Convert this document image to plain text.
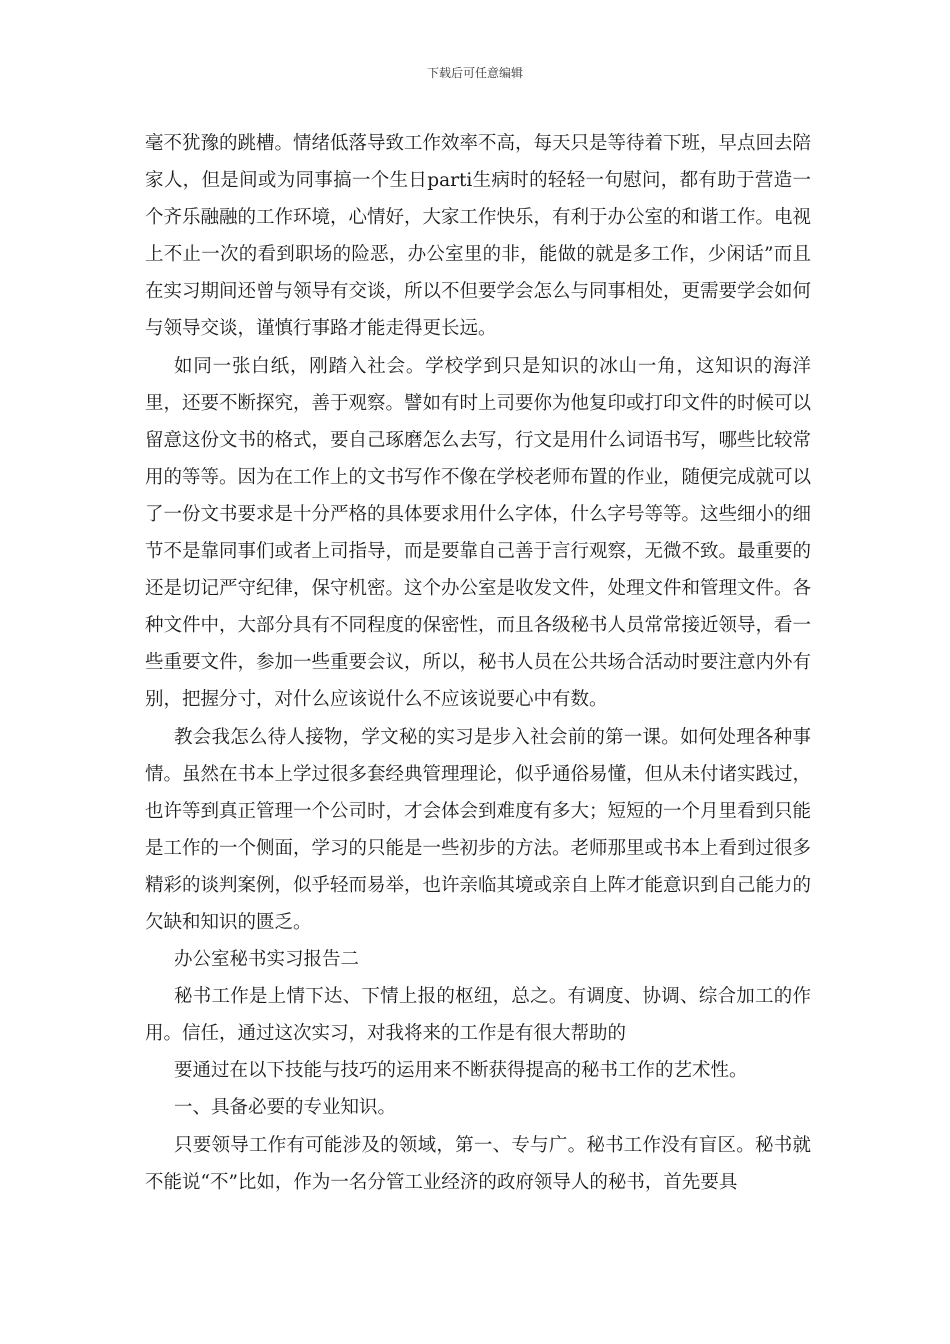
下载后可任意编辑

毫不犹豫的跳槽。情绪低落导致工作效率不高，每天只是等待着下班，早点回去陪家人，但是间或为同事搞一个生日parti生病时的轻轻一句慰问，都有助于营造一个齐乐融融的工作环境，心情好，大家工作快乐，有利于办公室的和谐工作。电视上不止一次的看到职场的险恶，办公室里的非，能做的就是多工作，少闲话”而且在实习期间还曾与领导有交谈，所以不但要学会怎么与同事相处，更需要学会如何与领导交谈，谨慎行事路才能走得更长远。

如同一张白纸，刚踏入社会。学校学到只是知识的冰山一角，这知识的海洋里，还要不断探究，善于观察。譬如有时上司要你为他复印或打印文件的时候可以留意这份文书的格式，要自己琢磨怎么去写，行文是用什么词语书写，哪些比较常用的等等。因为在工作上的文书写作不像在学校老师布置的作业，随便完成就可以了一份文书要求是十分严格的具体要求用什么字体，什么字号等等。这些细小的细节不是靠同事们或者上司指导，而是要靠自己善于言行观察，无微不致。最重要的还是切记严守纪律，保守机密。这个办公室是收发文件，处理文件和管理文件。各种文件中，大部分具有不同程度的保密性，而且各级秘书人员常常接近领导，看一些重要文件，参加一些重要会议，所以，秘书人员在公共场合活动时要注意内外有别，把握分寸，对什么应该说什么不应该说要心中有数。

教会我怎么待人接物，学文秘的实习是步入社会前的第一课。如何处理各种事情。虽然在书本上学过很多套经典管理理论，似乎通俗易懂，但从未付诸实践过，也许等到真正管理一个公司时，才会体会到难度有多大；短短的一个月里看到只能是工作的一个侧面，学习的只能是一些初步的方法。老师那里或书本上看到过很多精彩的谈判案例，似乎轻而易举，也许亲临其境或亲自上阵才能意识到自己能力的欠缺和知识的匮乏。

办公室秘书实习报告二

秘书工作是上情下达、下情上报的枢纽，总之。有调度、协调、综合加工的作用。信任，通过这次实习，对我将来的工作是有很大帮助的

要通过在以下技能与技巧的运用来不断获得提高的秘书工作的艺术性。

一、具备必要的专业知识。

只要领导工作有可能涉及的领域，第一、专与广。秘书工作没有盲区。秘书就不能说“不”比如，作为一名分管工业经济的政府领导人的秘书，首先要具
